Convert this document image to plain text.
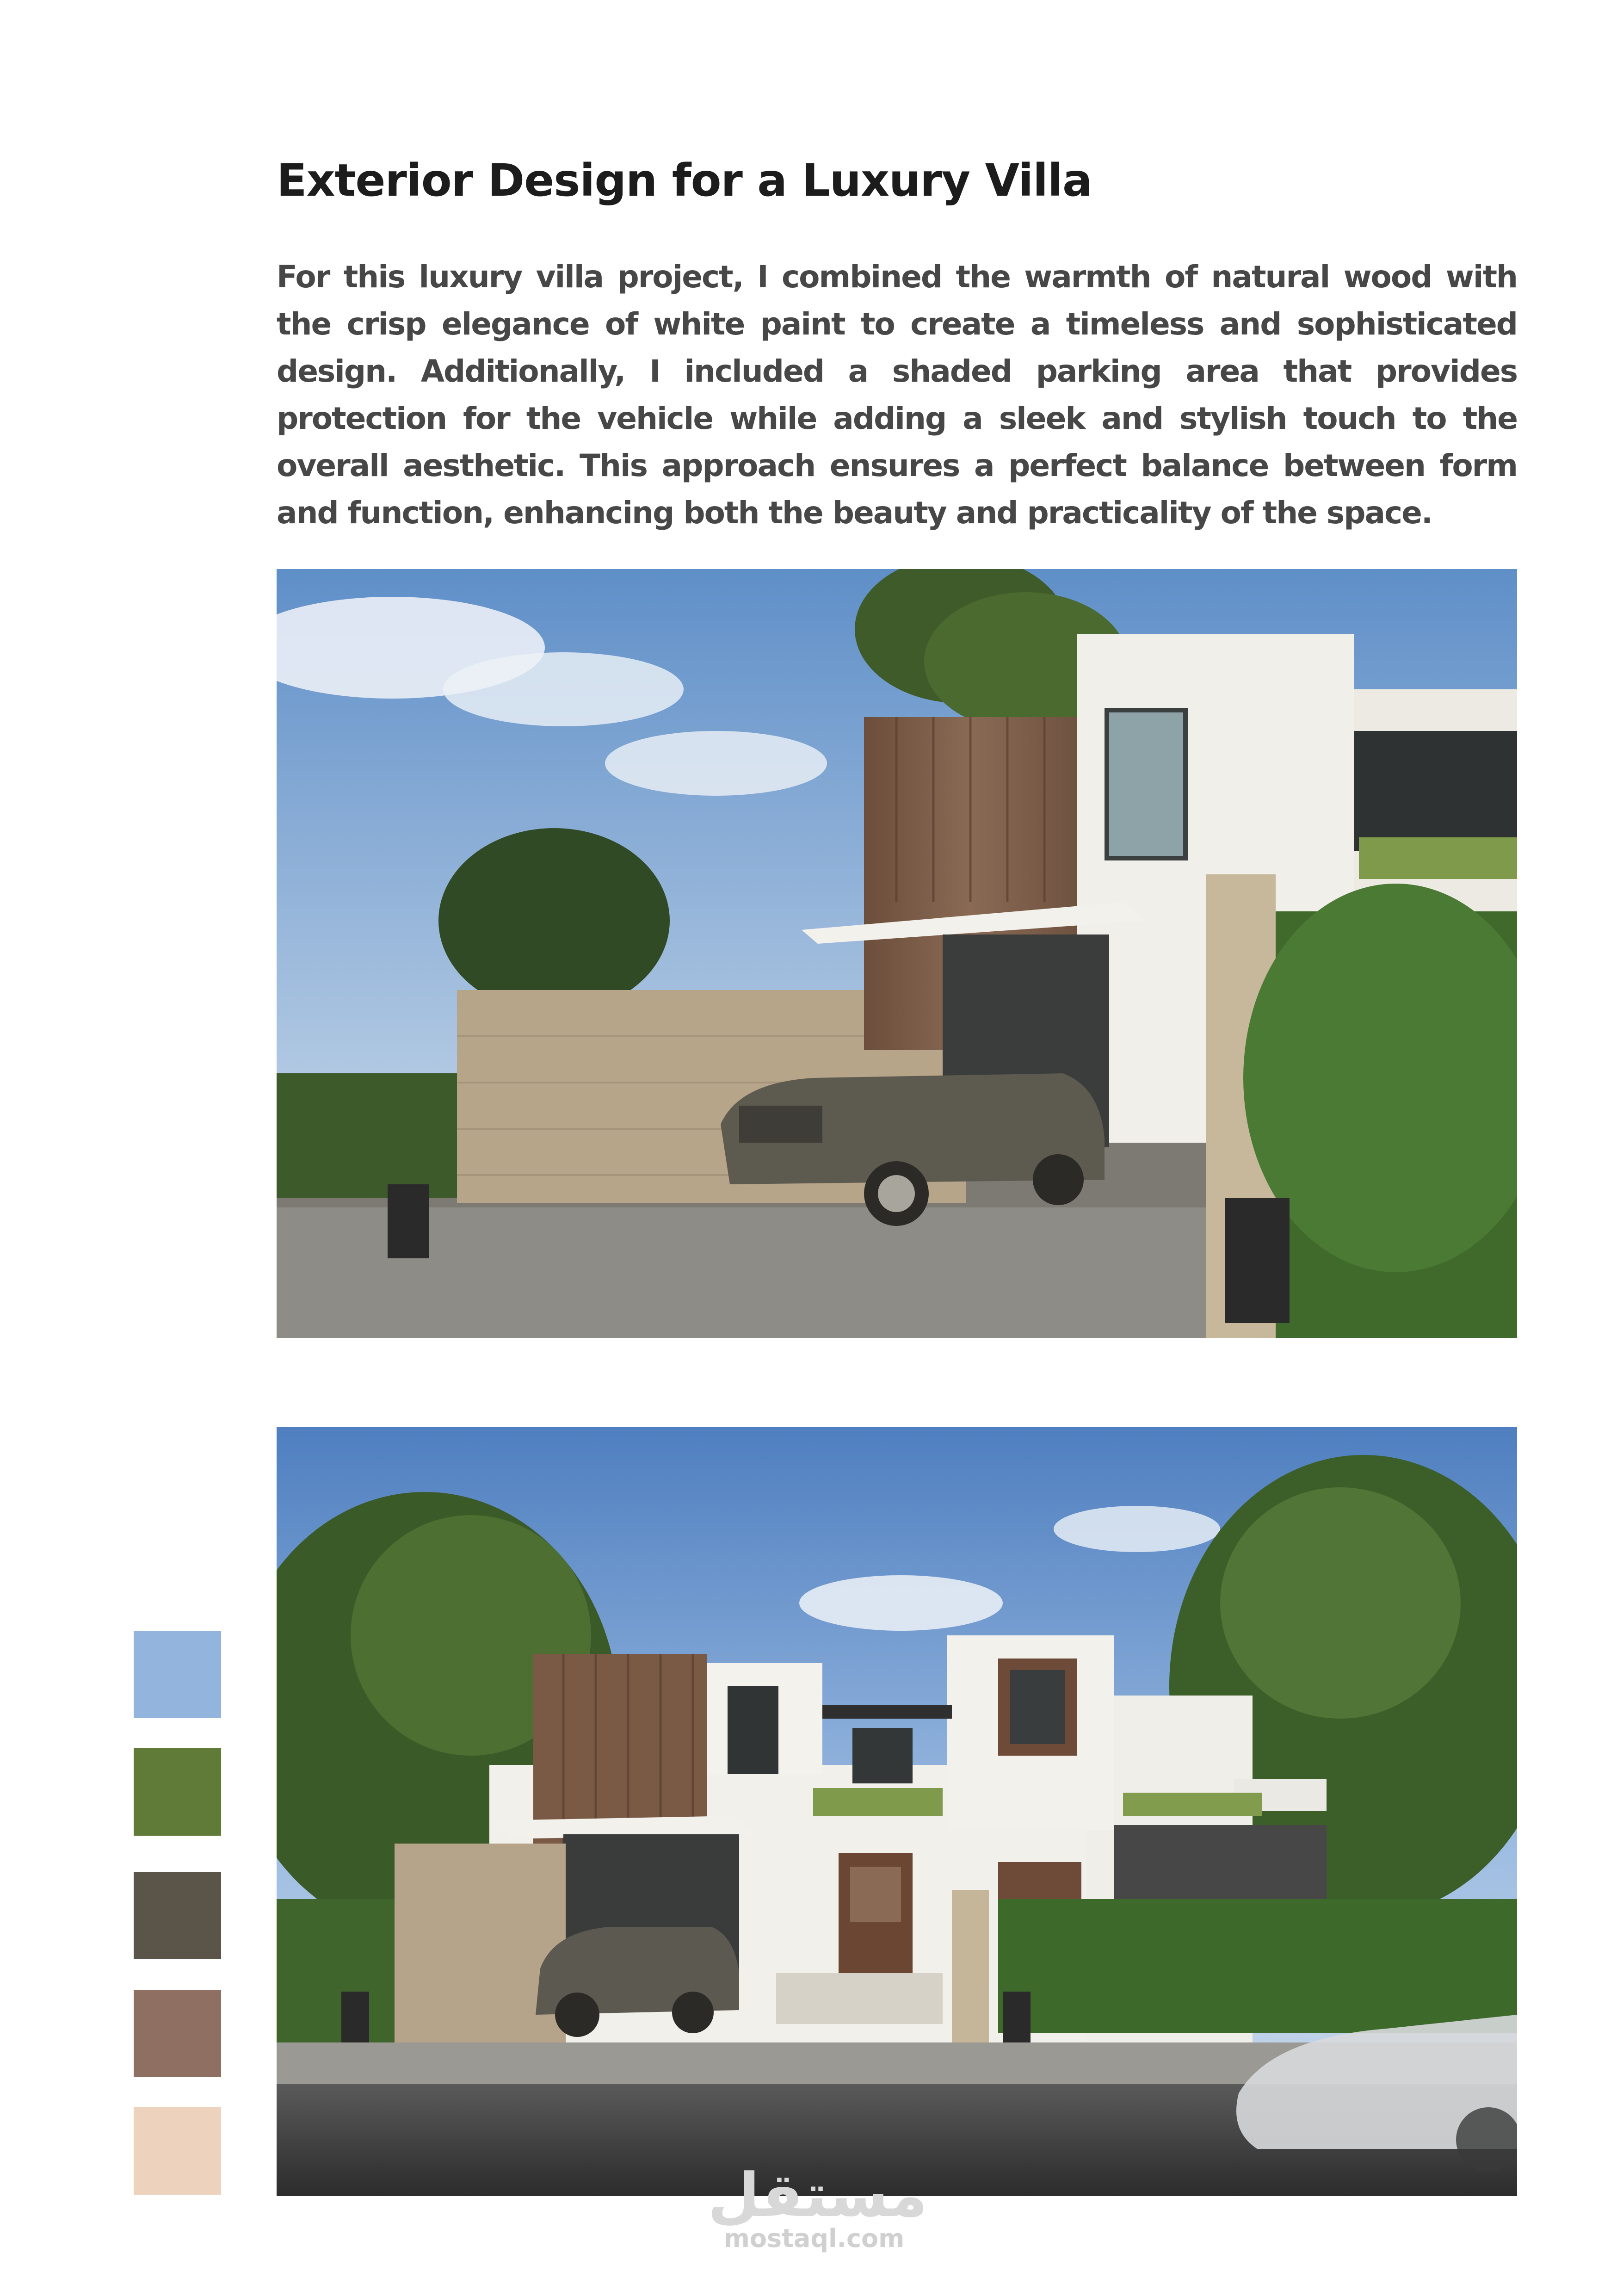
Exterior Design for a Luxury Villa

For this luxury villa project, I combined the warmth of natural wood with the crisp elegance of white paint to create a timeless and sophisticated design. Additionally, I included a shaded parking area that provides protection for the vehicle while adding a sleek and stylish touch to the overall aesthetic. This approach ensures a perfect balance between form and function, enhancing both the beauty and practicality of the space.

مستقل
mostaql.com
